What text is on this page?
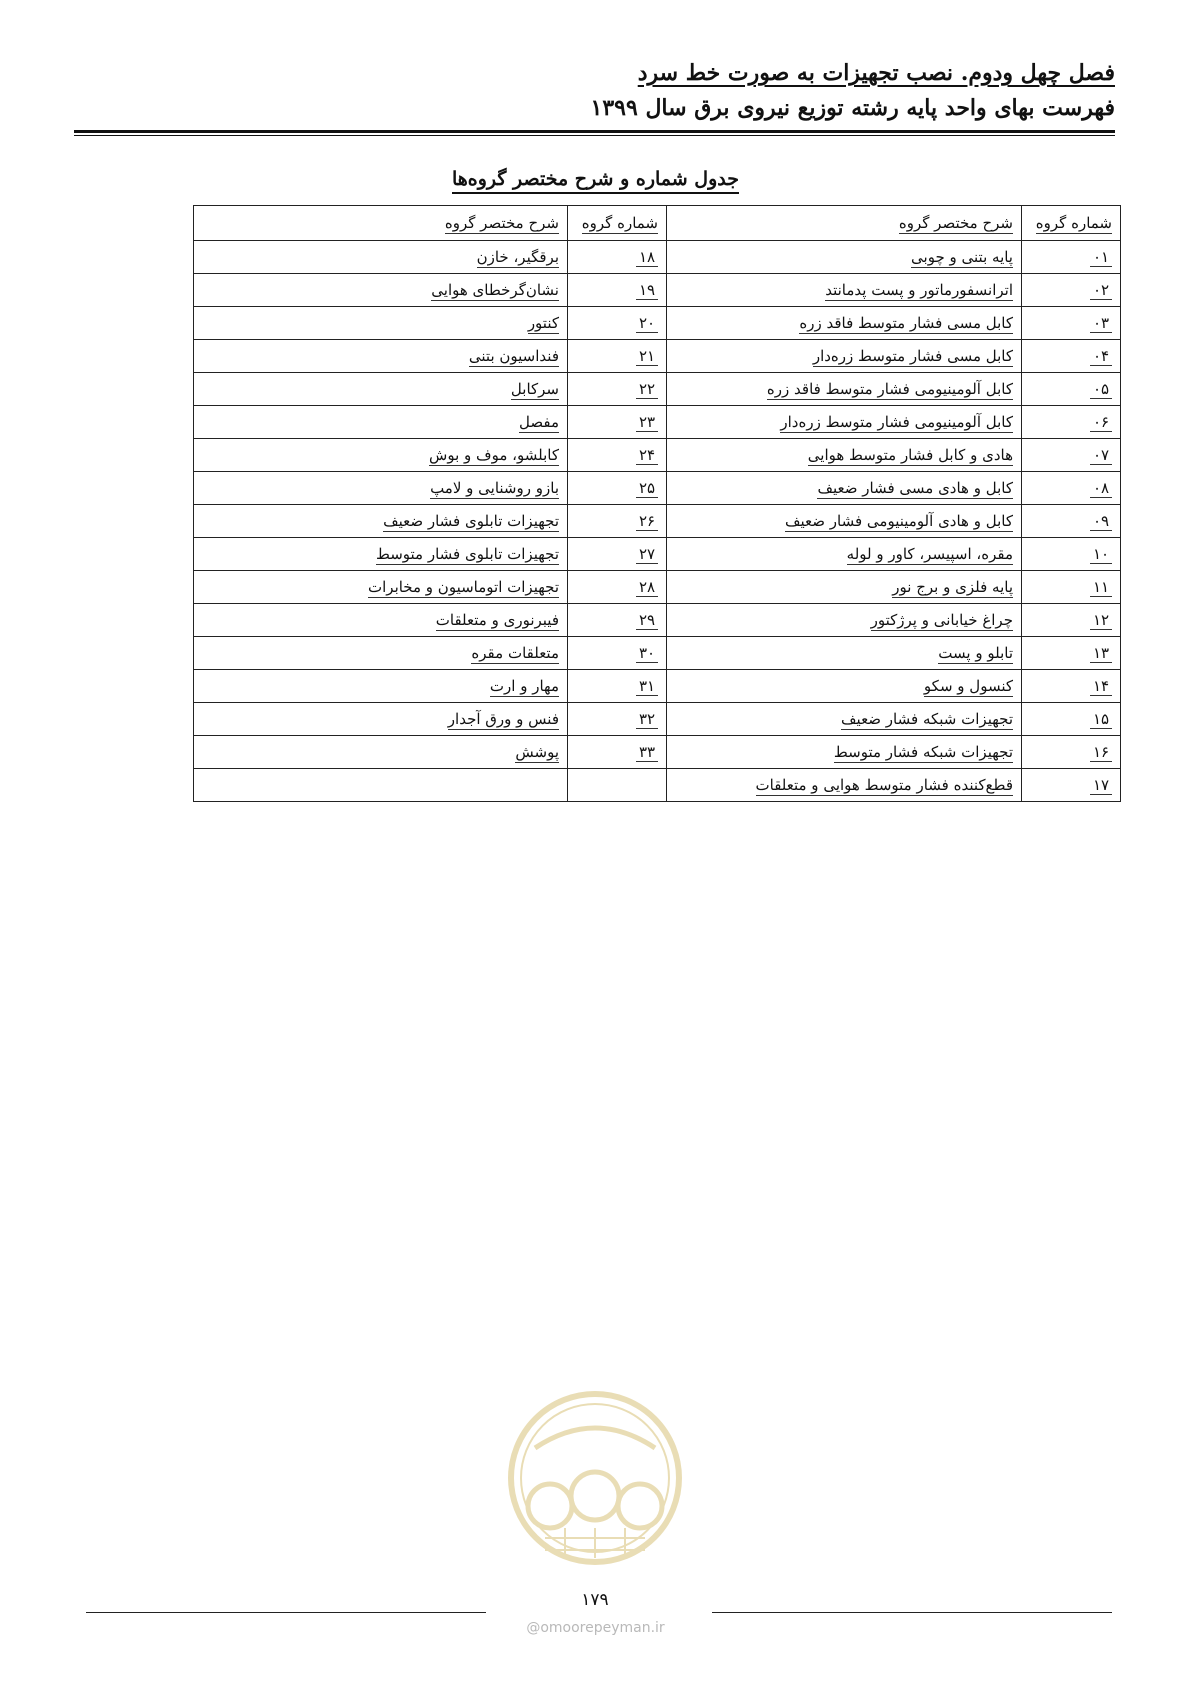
فصل چهل ودوم. نصب تجهیزات به صورت خط سرد
فهرست بهای واحد پایه رشته توزیع نیروی برق سال ۱۳۹۹
جدول شماره و شرح مختصر گروه‌ها
شماره گروه	شرح مختصر گروه	شماره گروه	شرح مختصر گروه
۰۱	پایه بتنی و چوبی	۱۸	برقگیر، خازن
۰۲	اترانسفورماتور و پست پدمانتد	۱۹	نشان‌گرخطای هوایی
۰۳	کابل مسی فشار متوسط فاقد زره	۲۰	کنتور
۰۴	کابل مسی فشار متوسط زره‌دار	۲۱	فنداسیون بتنی
۰۵	کابل آلومینیومی فشار متوسط فاقد زره	۲۲	سرکابل
۰۶	کابل آلومینیومی فشار متوسط زره‌دار	۲۳	مفصل
۰۷	هادی و کابل فشار متوسط هوایی	۲۴	کابلشو، موف و بوش
۰۸	کابل و هادی مسی فشار ضعیف	۲۵	بازو روشنایی و لامپ
۰۹	کابل و هادی آلومینیومی فشار ضعیف	۲۶	تجهیزات تابلوی فشار ضعیف
۱۰	مقره، اسپیسر، کاور و لوله	۲۷	تجهیزات تابلوی فشار متوسط
۱۱	پایه فلزی و برج نور	۲۸	تجهیزات اتوماسیون و مخابرات
۱۲	چراغ خیابانی و پرژکتور	۲۹	فیبرنوری و متعلقات
۱۳	تابلو و پست	۳۰	متعلقات مقره
۱۴	کنسول و سکو	۳۱	مهار و ارت
۱۵	تجهیزات شبکه فشار ضعیف	۳۲	فنس و ورق آجدار
۱۶	تجهیزات شبکه فشار متوسط	۳۳	پوشش
۱۷	قطع‌کننده فشار متوسط هوایی و متعلقات		
۱۷۹
@omoorepeyman.ir
